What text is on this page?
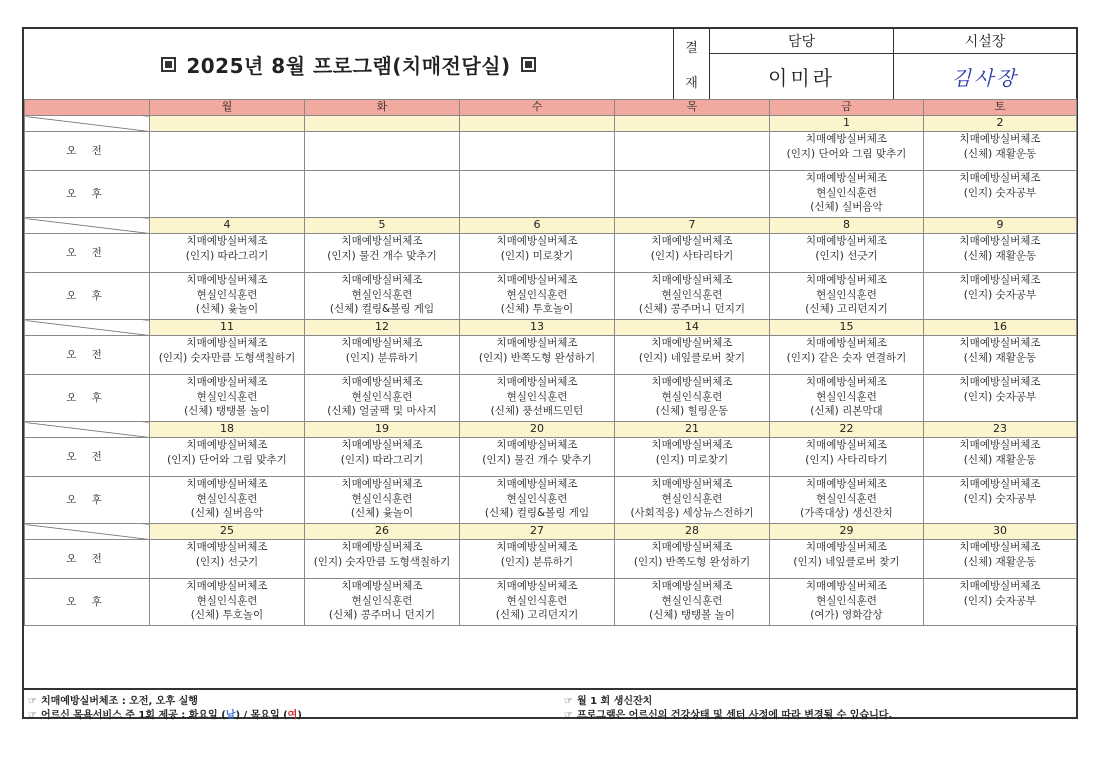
2025년 8월 프로그램(치매전담실)
결
재
담당
이미라
시설장
김사장
	월	화	수	목	금	토
					1	2
오 전					치매예방실버체조
(인지) 단어와 그림 맞추기	치매예방실버체조
(신체) 재활운동

오 후					치매예방실버체조
현실인식훈련
(신체) 실버음악	치매예방실버체조
(인지) 숫자공부

	4	5	6	7	8	9
오 전	치매예방실버체조
(인지) 따라그리기	치매예방실버체조
(인지) 물건 개수 맞추기	치매예방실버체조
(인지) 미로찾기	치매예방실버체조
(인지) 사타리타기	치매예방실버체조
(인지) 선긋기	치매예방실버체조
(신체) 재활운동

오 후	치매예방실버체조
현실인식훈련
(신체) 윷놀이	치매예방실버체조
현실인식훈련
(신체) 컬링&볼링 게임	치매예방실버체조
현실인식훈련
(신체) 투호놀이	치매예방실버체조
현실인식훈련
(신체) 콩주머니 던지기	치매예방실버체조
현실인식훈련
(신체) 고리던지기	치매예방실버체조
(인지) 숫자공부

	11	12	13	14	15	16
오 전	치매예방실버체조
(인지) 숫자만큼 도형색칠하기	치매예방실버체조
(인지) 분류하기	치매예방실버체조
(인지) 반쪽도형 완성하기	치매예방실버체조
(인지) 네잎클로버 찾기	치매예방실버체조
(인지) 같은 숫자 연결하기	치매예방실버체조
(신체) 재활운동

오 후	치매예방실버체조
현실인식훈련
(신체) 탱탱볼 놀이	치매예방실버체조
현실인식훈련
(신체) 얼굴팩 및 마사지	치매예방실버체조
현실인식훈련
(신체) 풍선배드민턴	치매예방실버체조
현실인식훈련
(신체) 힐링운동	치매예방실버체조
현실인식훈련
(신체) 리본막대	치매예방실버체조
(인지) 숫자공부

	18	19	20	21	22	23
오 전	치매예방실버체조
(인지) 단어와 그림 맞추기	치매예방실버체조
(인지) 따라그리기	치매예방실버체조
(인지) 물건 개수 맞추기	치매예방실버체조
(인지) 미로찾기	치매예방실버체조
(인지) 사타리타기	치매예방실버체조
(신체) 재활운동

오 후	치매예방실버체조
현실인식훈련
(신체) 실버음악	치매예방실버체조
현실인식훈련
(신체) 윷놀이	치매예방실버체조
현실인식훈련
(신체) 컬링&볼링 게임	치매예방실버체조
현실인식훈련
(사회적응) 세상뉴스전하기	치매예방실버체조
현실인식훈련
(가족대상) 생신잔치	치매예방실버체조
(인지) 숫자공부

	25	26	27	28	29	30
오 전	치매예방실버체조
(인지) 선긋기	치매예방실버체조
(인지) 숫자만큼 도형색칠하기	치매예방실버체조
(인지) 분류하기	치매예방실버체조
(인지) 반쪽도형 완성하기	치매예방실버체조
(인지) 네잎클로버 찾기	치매예방실버체조
(신체) 재활운동

오 후	치매예방실버체조
현실인식훈련
(신체) 투호놀이	치매예방실버체조
현실인식훈련
(신체) 콩주머니 던지기	치매예방실버체조
현실인식훈련
(신체) 고리던지기	치매예방실버체조
현실인식훈련
(신체) 탱탱볼 놀이	치매예방실버체조
현실인식훈련
(여가) 영화감상	치매예방실버체조
(인지) 숫자공부
☞ 치매예방실버체조 : 오전, 오후 실행
☞ 어르신 목욕서비스 주 1회 제공 : 화요일 (남) / 목요일 (여)
☞ 월 1 회 생신잔치
☞ 프로그램은 어르신의 건강상태 및 센터 사정에 따라 변경될 수 있습니다.
